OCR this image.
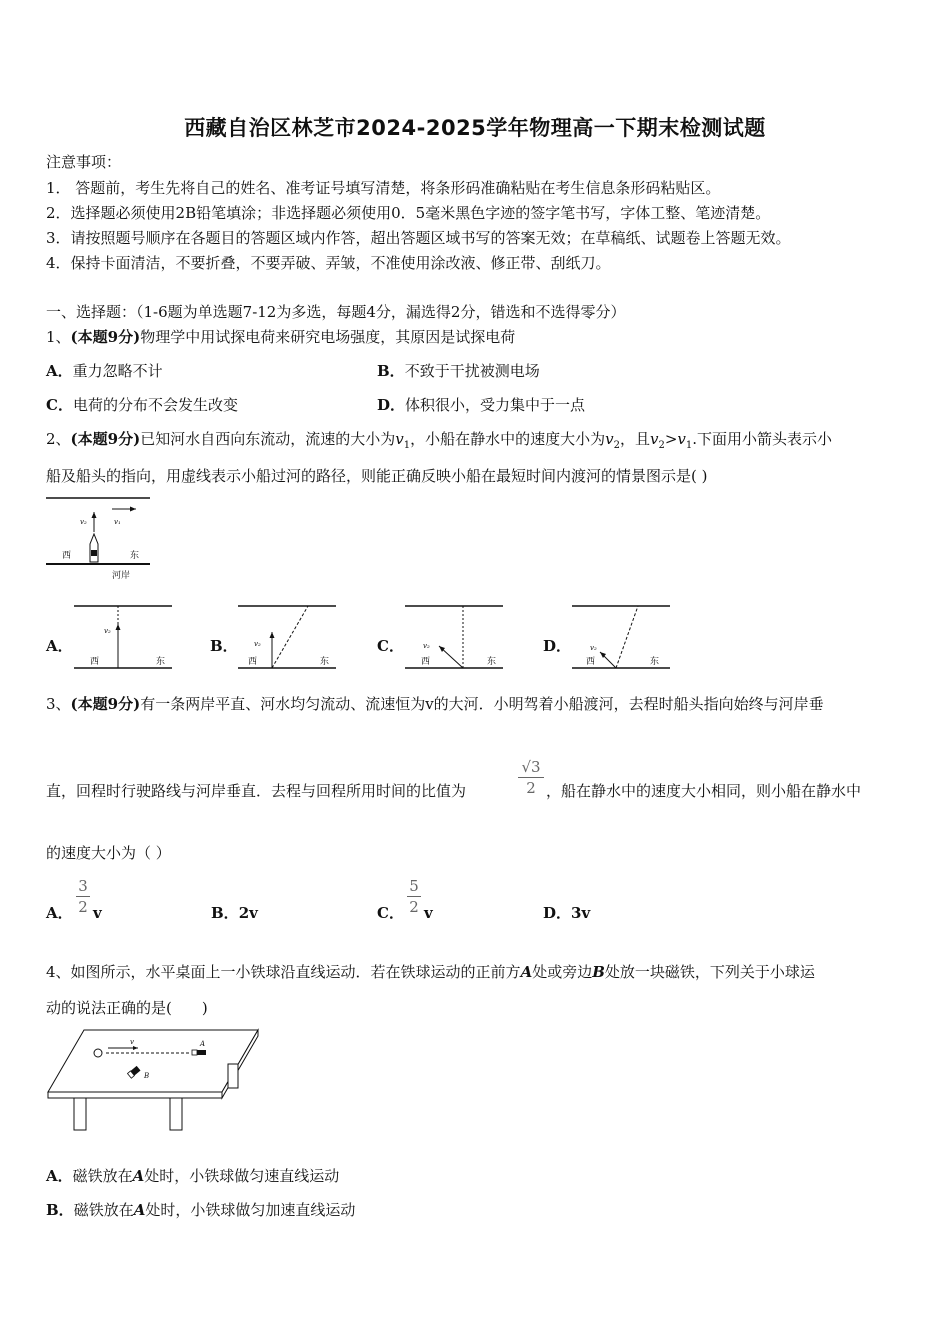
西藏自治区林芝市2024-2025学年物理高一下期末检测试题
注意事项：
1． 答题前，考生先将自己的姓名、准考证号填写清楚，将条形码准确粘贴在考生信息条形码粘贴区。
2．选择题必须使用2B铅笔填涂；非选择题必须使用0．5毫米黑色字迹的签字笔书写，字体工整、笔迹清楚。
3．请按照题号顺序在各题目的答题区域内作答，超出答题区域书写的答案无效；在草稿纸、试题卷上答题无效。
4．保持卡面清洁，不要折叠，不要弄破、弄皱，不准使用涂改液、修正带、刮纸刀。
一、选择题：（1-6题为单选题7-12为多选，每题4分，漏选得2分，错选和不选得零分）
1、(本题9分)物理学中用试探电荷来研究电场强度，其原因是试探电荷
A．重力忽略不计	B．不致于干扰被测电场
C．电荷的分布不会发生改变	D．体积很小，受力集中于一点
2、(本题9分)已知河水自西向东流动，流速的大小为$v_1$，小船在静水中的速度大小为$v_2$，且$v_2>v_1$.下面用小箭头表示小
船及船头的指向，用虚线表示小船过河的路径，则能正确反映小船在最短时间内渡河的情景图示是( )
v₁
v₂
西	东
河岸
A．
v₂
西	东
B． v₂
西	东
C．	v₂
西	东
D．	v₂
西	东
3、(本题9分)有一条两岸平直、河水均匀流动、流速恒为v的大河．小明驾着小船渡河，去程时船头指向始终与河岸垂
直，回程时行驶路线与河岸垂直．去程与回程所用时间的比值为
√3
2 ，船在静水中的速度大小相同，则小船在静水中
的速度大小为（ ）
A．
3
2 v	B．2v	C．
5
2 v	D．3v
4、如图所示，水平桌面上一小铁球沿直线运动．若在铁球运动的正前方A处或旁边B处放一块磁铁，下列关于小球运
动的说法正确的是(　　)
v	A
B
A．磁铁放在A处时，小铁球做匀速直线运动
B．磁铁放在A处时，小铁球做匀加速直线运动
